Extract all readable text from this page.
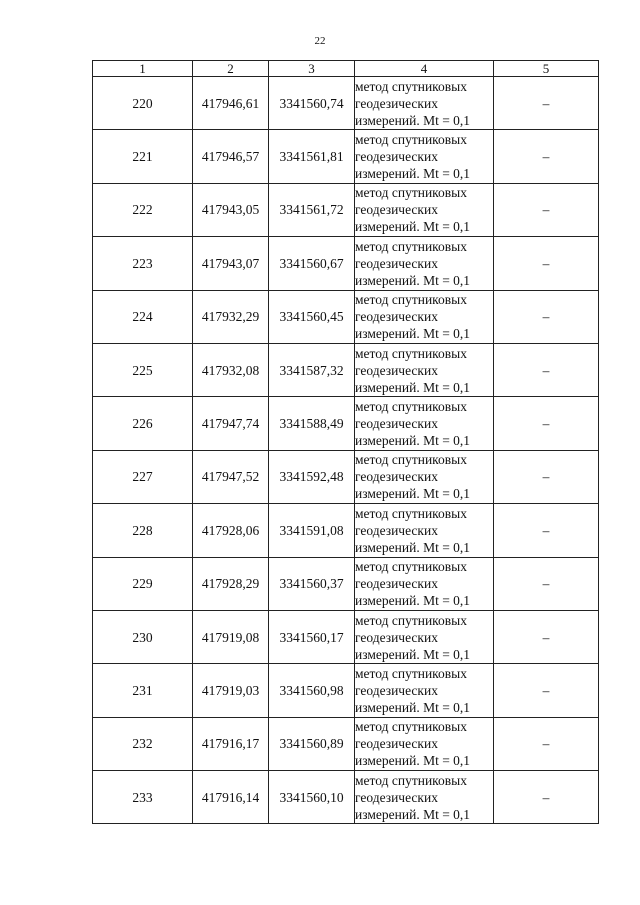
22
1	2	3	4	5
220	417946,61	3341560,74	метод спутниковых
геодезических
измерений. Mt = 0,1	–
221	417946,57	3341561,81	метод спутниковых
геодезических
измерений. Mt = 0,1	–
222	417943,05	3341561,72	метод спутниковых
геодезических
измерений. Mt = 0,1	–
223	417943,07	3341560,67	метод спутниковых
геодезических
измерений. Mt = 0,1	–
224	417932,29	3341560,45	метод спутниковых
геодезических
измерений. Mt = 0,1	–
225	417932,08	3341587,32	метод спутниковых
геодезических
измерений. Mt = 0,1	–
226	417947,74	3341588,49	метод спутниковых
геодезических
измерений. Mt = 0,1	–
227	417947,52	3341592,48	метод спутниковых
геодезических
измерений. Mt = 0,1	–
228	417928,06	3341591,08	метод спутниковых
геодезических
измерений. Mt = 0,1	–
229	417928,29	3341560,37	метод спутниковых
геодезических
измерений. Mt = 0,1	–
230	417919,08	3341560,17	метод спутниковых
геодезических
измерений. Mt = 0,1	–
231	417919,03	3341560,98	метод спутниковых
геодезических
измерений. Mt = 0,1	–
232	417916,17	3341560,89	метод спутниковых
геодезических
измерений. Mt = 0,1	–
233	417916,14	3341560,10	метод спутниковых
геодезических
измерений. Mt = 0,1	–
